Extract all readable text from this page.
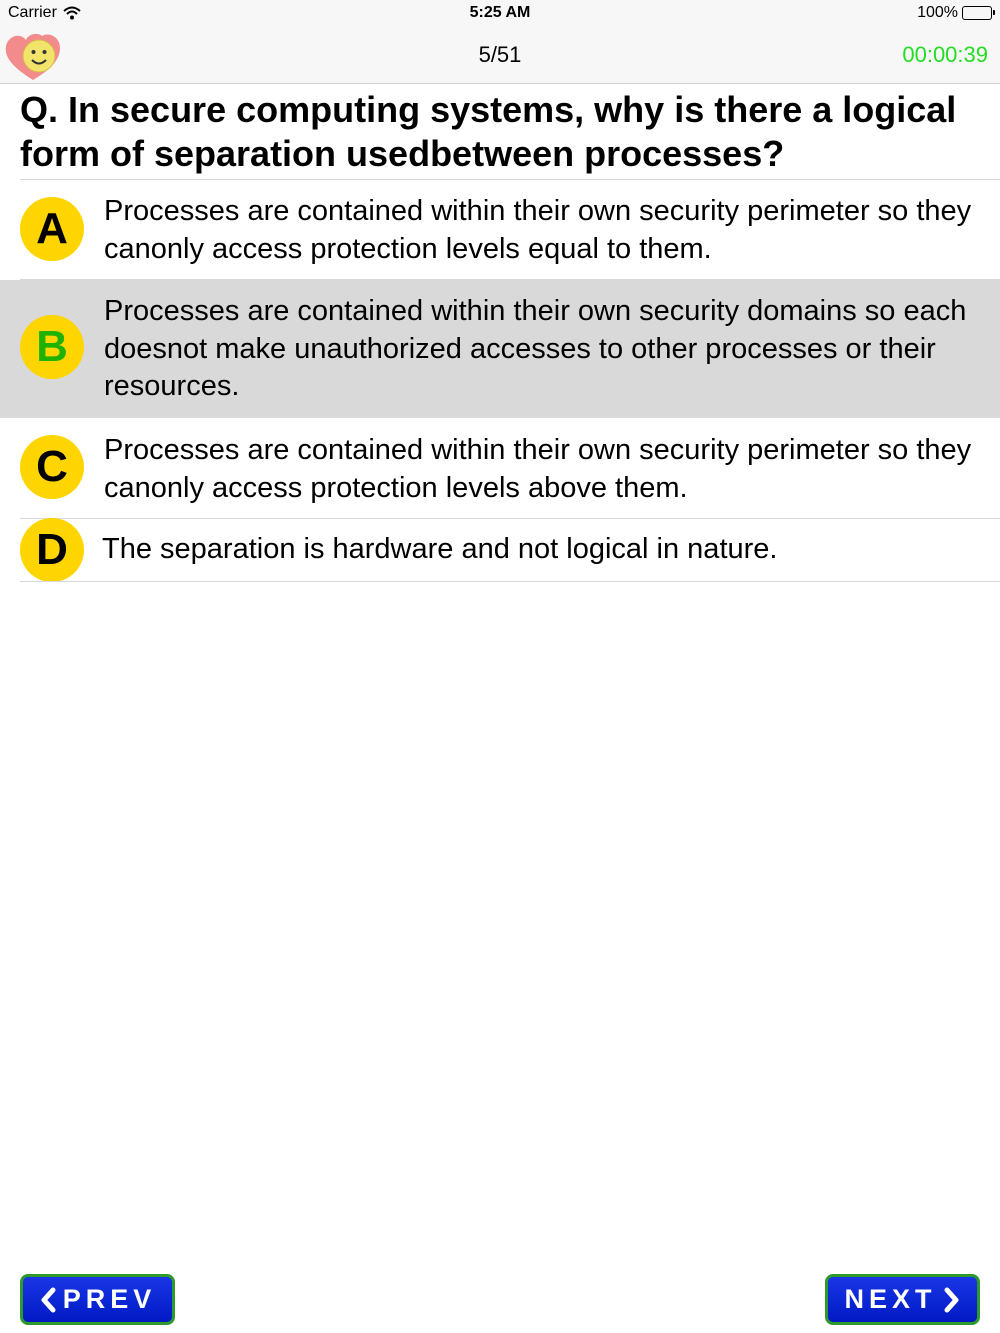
Carrier	5:25 AM	100%
5/51	00:00:39
Q. In secure computing systems, why is there a logical form of separation usedbetween processes?
A	Processes are contained within their own security perimeter so they canonly access protection levels equal to them.
B
Processes are contained within their own security domains so each doesnot make unauthorized accesses to other processes or their resources.
C	Processes are contained within their own security perimeter so they canonly access protection levels above them.
D	The separation is hardware and not logical in nature.
PREV	NEXT
